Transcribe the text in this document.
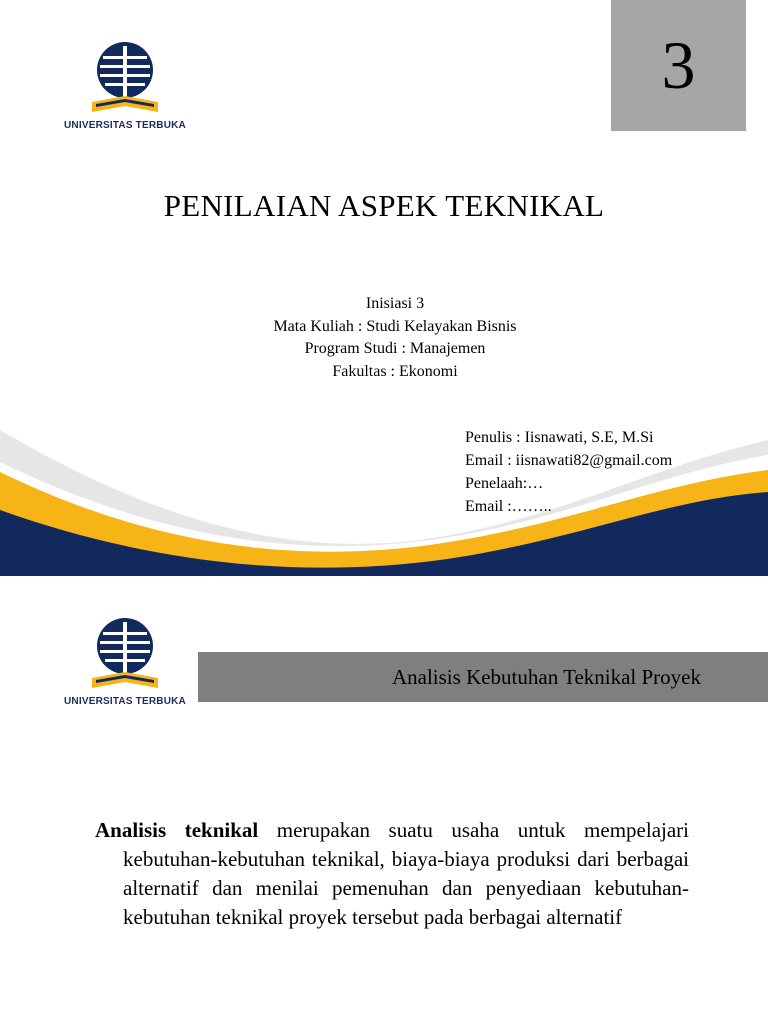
UNIVERSITAS TERBUKA
3
PENILAIAN ASPEK TEKNIKAL
Inisiasi 3
Mata Kuliah : Studi Kelayakan Bisnis
Program Studi : Manajemen
Fakultas : Ekonomi
Penulis : Iisnawati, S.E, M.Si
Email : iisnawati82@gmail.com
Penelaah:…
Email :……..
UNIVERSITAS TERBUKA
Analisis Kebutuhan Teknikal Proyek
Analisis teknikal merupakan suatu usaha untuk mempelajari kebutuhan-kebutuhan teknikal, biaya-biaya produksi dari berbagai alternatif dan menilai pemenuhan dan penyediaan kebutuhan-kebutuhan teknikal proyek tersebut pada berbagai alternatif
